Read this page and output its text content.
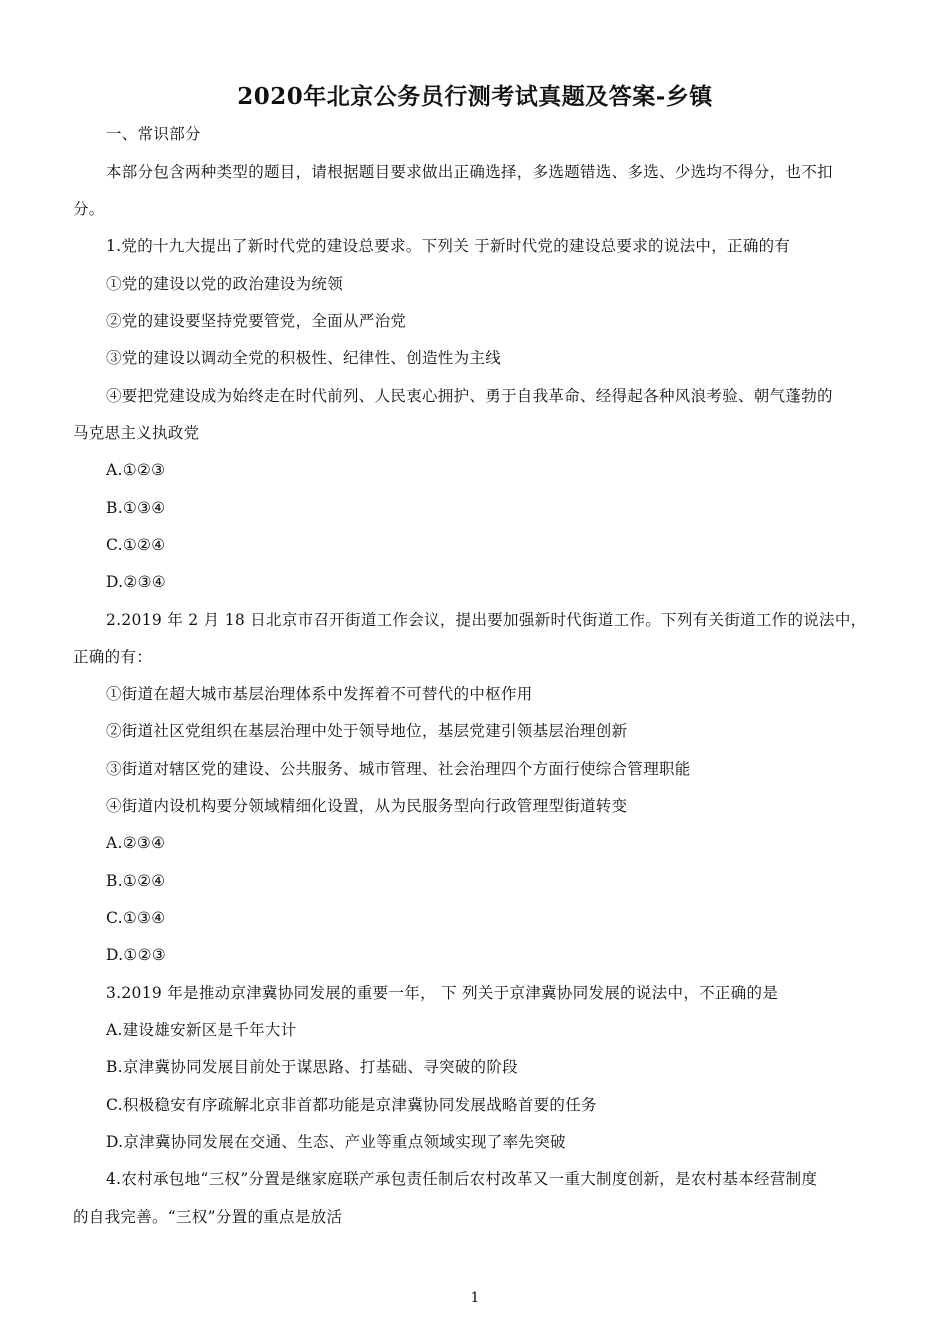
2020年北京公务员行测考试真题及答案-乡镇
一、常识部分
本部分包含两种类型的题目，请根据题目要求做出正确选择，多选题错选、多选、少选均不得分，也不扣
分。
1.党的十九大提出了新时代党的建设总要求。下列关 于新时代党的建设总要求的说法中，正确的有
①党的建设以党的政治建设为统领
②党的建设要坚持党要管党，全面从严治党
③党的建设以调动全党的积极性、纪律性、创造性为主线
④要把党建设成为始终走在时代前列、人民衷心拥护、勇于自我革命、经得起各种风浪考验、朝气蓬勃的
马克思主义执政党
A.①②③
B.①③④
C.①②④
D.②③④
2.2019 年 2 月 18 日北京市召开街道工作会议，提出要加强新时代街道工作。下列有关街道工作的说法中，
正确的有：
①街道在超大城市基层治理体系中发挥着不可替代的中枢作用
②街道社区党组织在基层治理中处于领导地位，基层党建引领基层治理创新
③街道对辖区党的建设、公共服务、城市管理、社会治理四个方面行使综合管理职能
④街道内设机构要分领域精细化设置，从为民服务型向行政管理型街道转变
A.②③④
B.①②④
C.①③④
D.①②③
3.2019 年是推动京津冀协同发展的重要一年， 下 列关于京津冀协同发展的说法中，不正确的是
A.建设雄安新区是千年大计
B.京津冀协同发展目前处于谋思路、打基础、寻突破的阶段
C.积极稳安有序疏解北京非首都功能是京津冀协同发展战略首要的任务
D.京津冀协同发展在交通、生态、产业等重点领域实现了率先突破
4.农村承包地“三权”分置是继家庭联产承包责任制后农村改革又一重大制度创新，是农村基本经营制度
的自我完善。“三权”分置的重点是放活
1
